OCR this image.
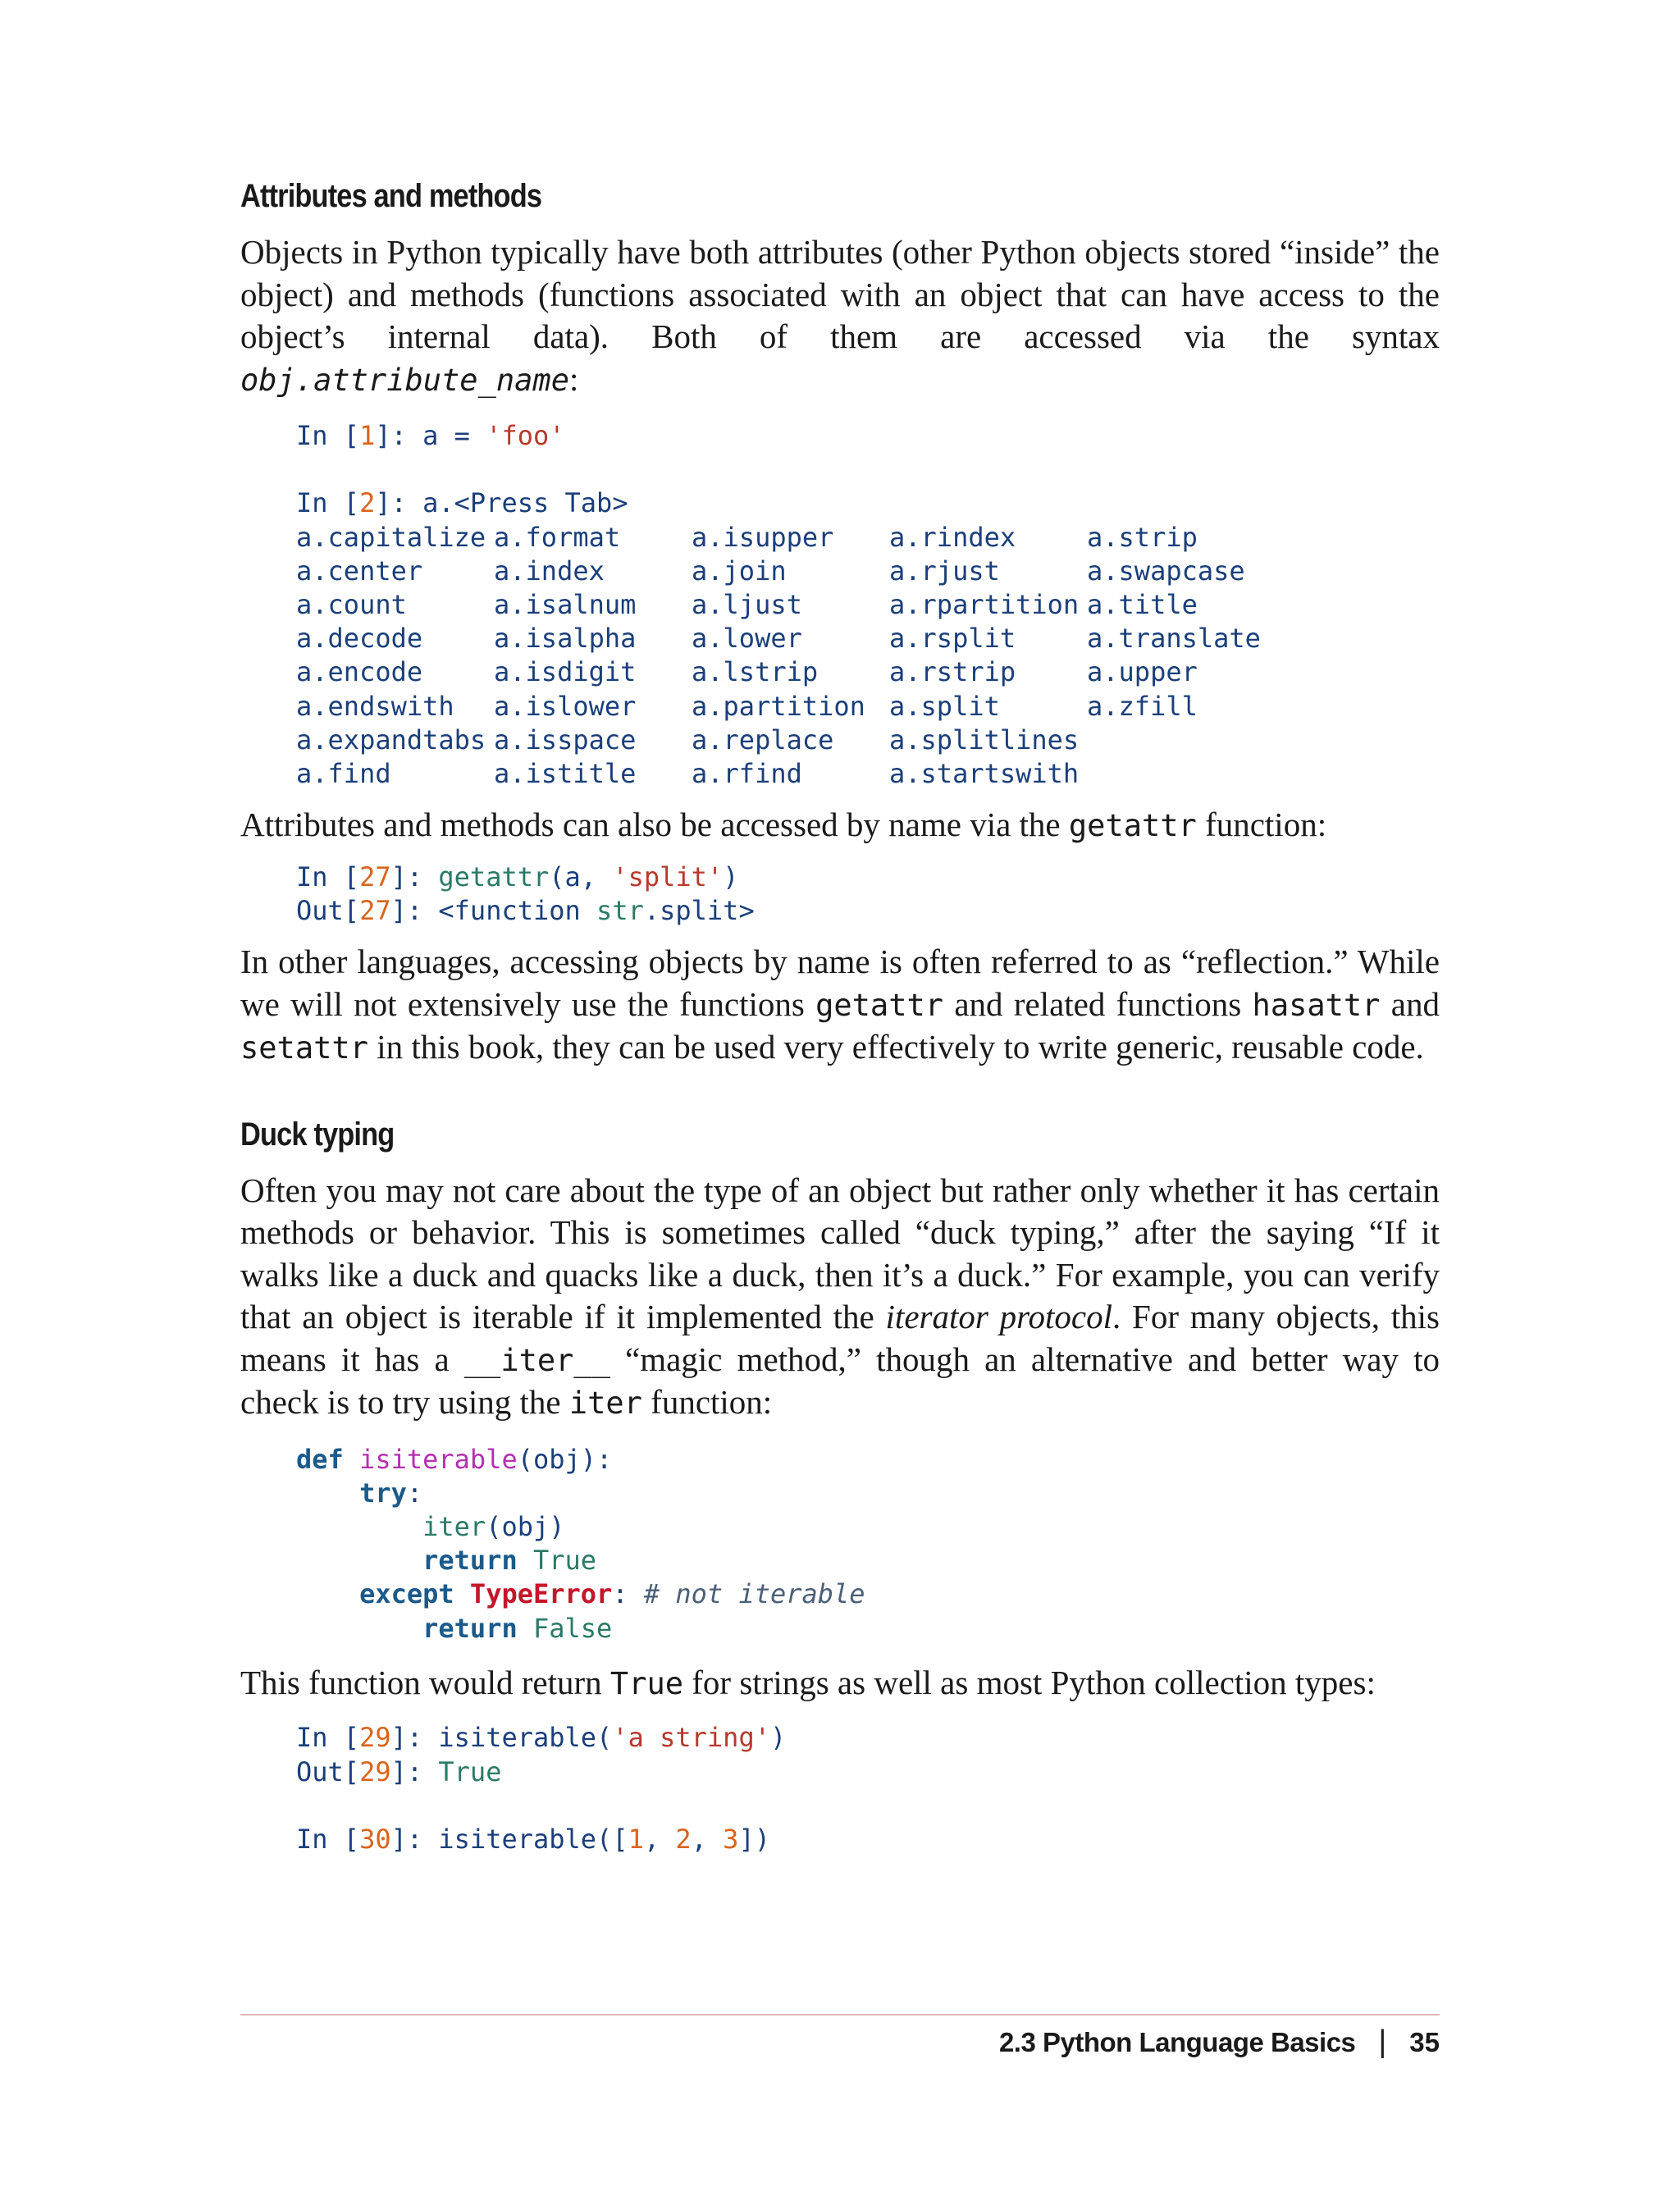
Attributes and methods

Objects in Python typically have both attributes (other Python objects stored “inside” the object) and methods (functions associated with an object that can have access to the object’s internal data). Both of them are accessed via the syntax obj.attribute_name:

In [1]: a = 'foo'

In [2]: a.<Press Tab>
a.capitalize a.format	a.isupper	a.rindex	a.strip
a.center	a.index	a.join	a.rjust	a.swapcase
a.count	a.isalnum	a.ljust	a.rpartition a.title
a.decode	a.isalpha	a.lower	a.rsplit	a.translate
a.encode	a.isdigit	a.lstrip	a.rstrip	a.upper
a.endswith	a.islower	a.partition a.split	a.zfill
a.expandtabs a.isspace	a.replace	a.splitlines
a.find	a.istitle	a.rfind	a.startswith

Attributes and methods can also be accessed by name via the getattr function:

In [27]: getattr(a, 'split')
Out[27]: <function str.split>

In other languages, accessing objects by name is often referred to as “reflection.” While we will not extensively use the functions getattr and related functions hasattr and setattr in this book, they can be used very effectively to write generic, reusable code.

Duck typing

Often you may not care about the type of an object but rather only whether it has certain methods or behavior. This is sometimes called “duck typing,” after the saying “If it walks like a duck and quacks like a duck, then it’s a duck.” For example, you can verify that an object is iterable if it implemented the iterator protocol. For many objects, this means it has a __iter__ “magic method,” though an alternative and better way to check is to try using the iter function:

def isiterable(obj):
try:
iter(obj)
return True
except TypeError: # not iterable
return False

This function would return True for strings as well as most Python collection types:

In [29]: isiterable('a string')
Out[29]: True

In [30]: isiterable([1, 2, 3])
2.3 Python Language Basics | 35
